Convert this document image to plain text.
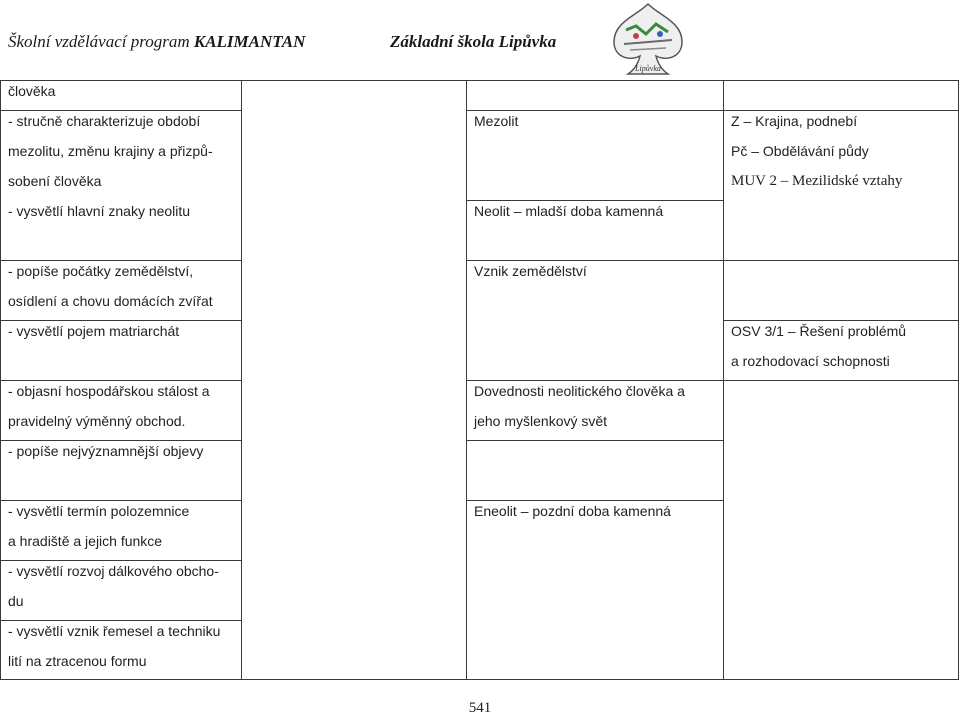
Školní vzdělávací program KALIMANTAN	Základní škola Lipůvka
Lipůvka
člověka
- stručně charakterizuje období
mezolitu, změnu krajiny a přizpů-
sobení člověka
- vysvětlí hlavní znaky neolitu
- popíše počátky zemědělství,
osídlení a chovu domácích zvířat
- vysvětlí pojem matriarchát
- objasní hospodářskou stálost a
pravidelný výměnný obchod.
- popíše nejvýznamnější objevy
- vysvětlí termín polozemnice
a hradiště a jejich funkce
- vysvětlí rozvoj dálkového obcho-
du
- vysvětlí vznik řemesel a techniku
lití na ztracenou formu
Mezolit
Neolit – mladší doba kamenná
Vznik zemědělství
Dovednosti neolitického člověka a
jeho myšlenkový svět
Eneolit – pozdní doba kamenná
Z – Krajina, podnebí
Pč – Obdělávání půdy
MUV 2 – Mezilidské vztahy
OSV 3/1 – Řešení problémů
a rozhodovací schopnosti
541
